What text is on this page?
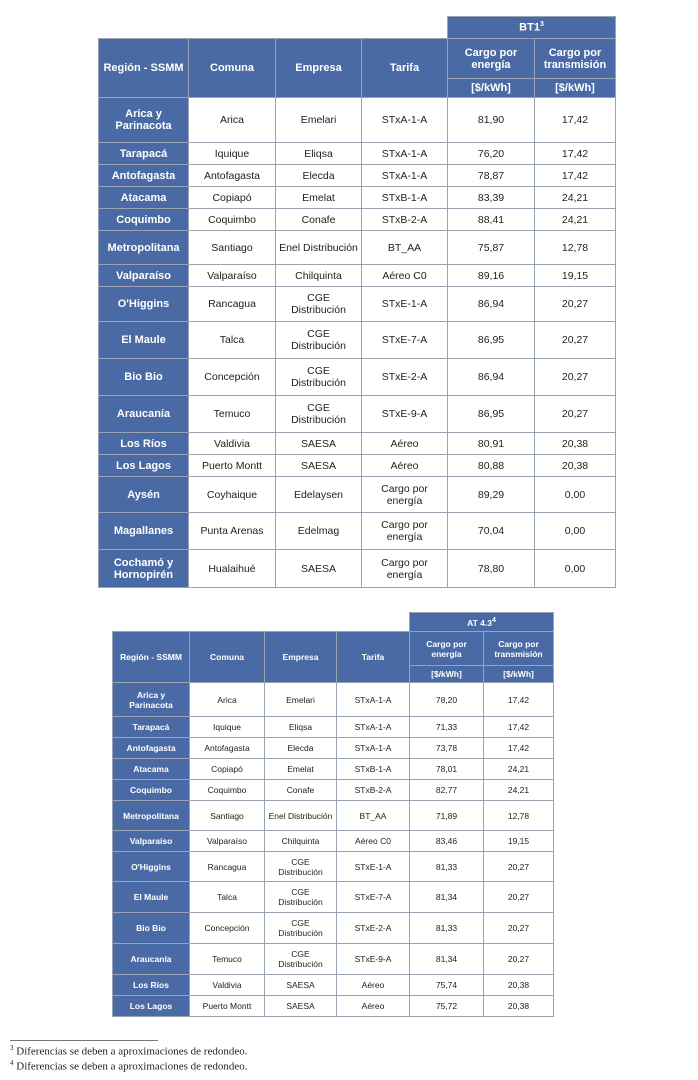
				$BT1^3$
Región - SSMM	Comuna	Empresa	Tarifa	Cargo por energía	Cargo por transmisión
				[$/kWh]	[$/kWh]
Arica y Parinacota	Arica	Emelari	STxA-1-A	81,90	17,42
Tarapacá	Iquique	Eliqsa	STxA-1-A	76,20	17,42
Antofagasta	Antofagasta	Elecda	STxA-1-A	78,87	17,42
Atacama	Copiapó	Emelat	STxB-1-A	83,39	24,21
Coquimbo	Coquimbo	Conafe	STxB-2-A	88,41	24,21
Metropolitana	Santiago	Enel Distribución	BT_AA	75,87	12,78
Valparaíso	Valparaíso	Chilquinta	Aéreo C0	89,16	19,15
O'Higgins	Rancagua	CGE Distribución	STxE-1-A	86,94	20,27
El Maule	Talca	CGE Distribución	STxE-7-A	86,95	20,27
Bio Bio	Concepción	CGE Distribución	STxE-2-A	86,94	20,27
Araucanía	Temuco	CGE Distribución	STxE-9-A	86,95	20,27
Los Ríos	Valdivia	SAESA	Aéreo	80,91	20,38
Los Lagos	Puerto Montt	SAESA	Aéreo	80,88	20,38
Aysén	Coyhaique	Edelaysen	Cargo por energía	89,29	0,00
Magallanes	Punta Arenas	Edelmag	Cargo por energía	70,04	0,00
Cochamó y Hornopirén	Hualaihué	SAESA	Cargo por energía	78,80	0,00
				AT $4.3^4$
Región - SSMM	Comuna	Empresa	Tarifa	Cargo por energía	Cargo por transmisión
				[$/kWh]	[$/kWh]
Arica y Parinacota	Arica	Emelari	STxA-1-A	78,20	17,42
Tarapacá	Iquique	Eliqsa	STxA-1-A	71,33	17,42
Antofagasta	Antofagasta	Elecda	STxA-1-A	73,78	17,42
Atacama	Copiapó	Emelat	STxB-1-A	78,01	24,21
Coquimbo	Coquimbo	Conafe	STxB-2-A	82,77	24,21
Metropolitana	Santiago	Enel Distribución	BT_AA	71,89	12,78
Valparaíso	Valparaíso	Chilquinta	Aéreo C0	83,46	19,15
O'Higgins	Rancagua	CGE Distribución	STxE-1-A	81,33	20,27
El Maule	Talca	CGE Distribución	STxE-7-A	81,34	20,27
Bio Bio	Concepción	CGE Distribución	STxE-2-A	81,33	20,27
Araucanía	Temuco	CGE Distribución	STxE-9-A	81,34	20,27
Los Ríos	Valdivia	SAESA	Aéreo	75,74	20,38
Los Lagos	Puerto Montt	SAESA	Aéreo	75,72	20,38
$^3$ Diferencias se deben a aproximaciones de redondeo.
$^4$ Diferencias se deben a aproximaciones de redondeo.
